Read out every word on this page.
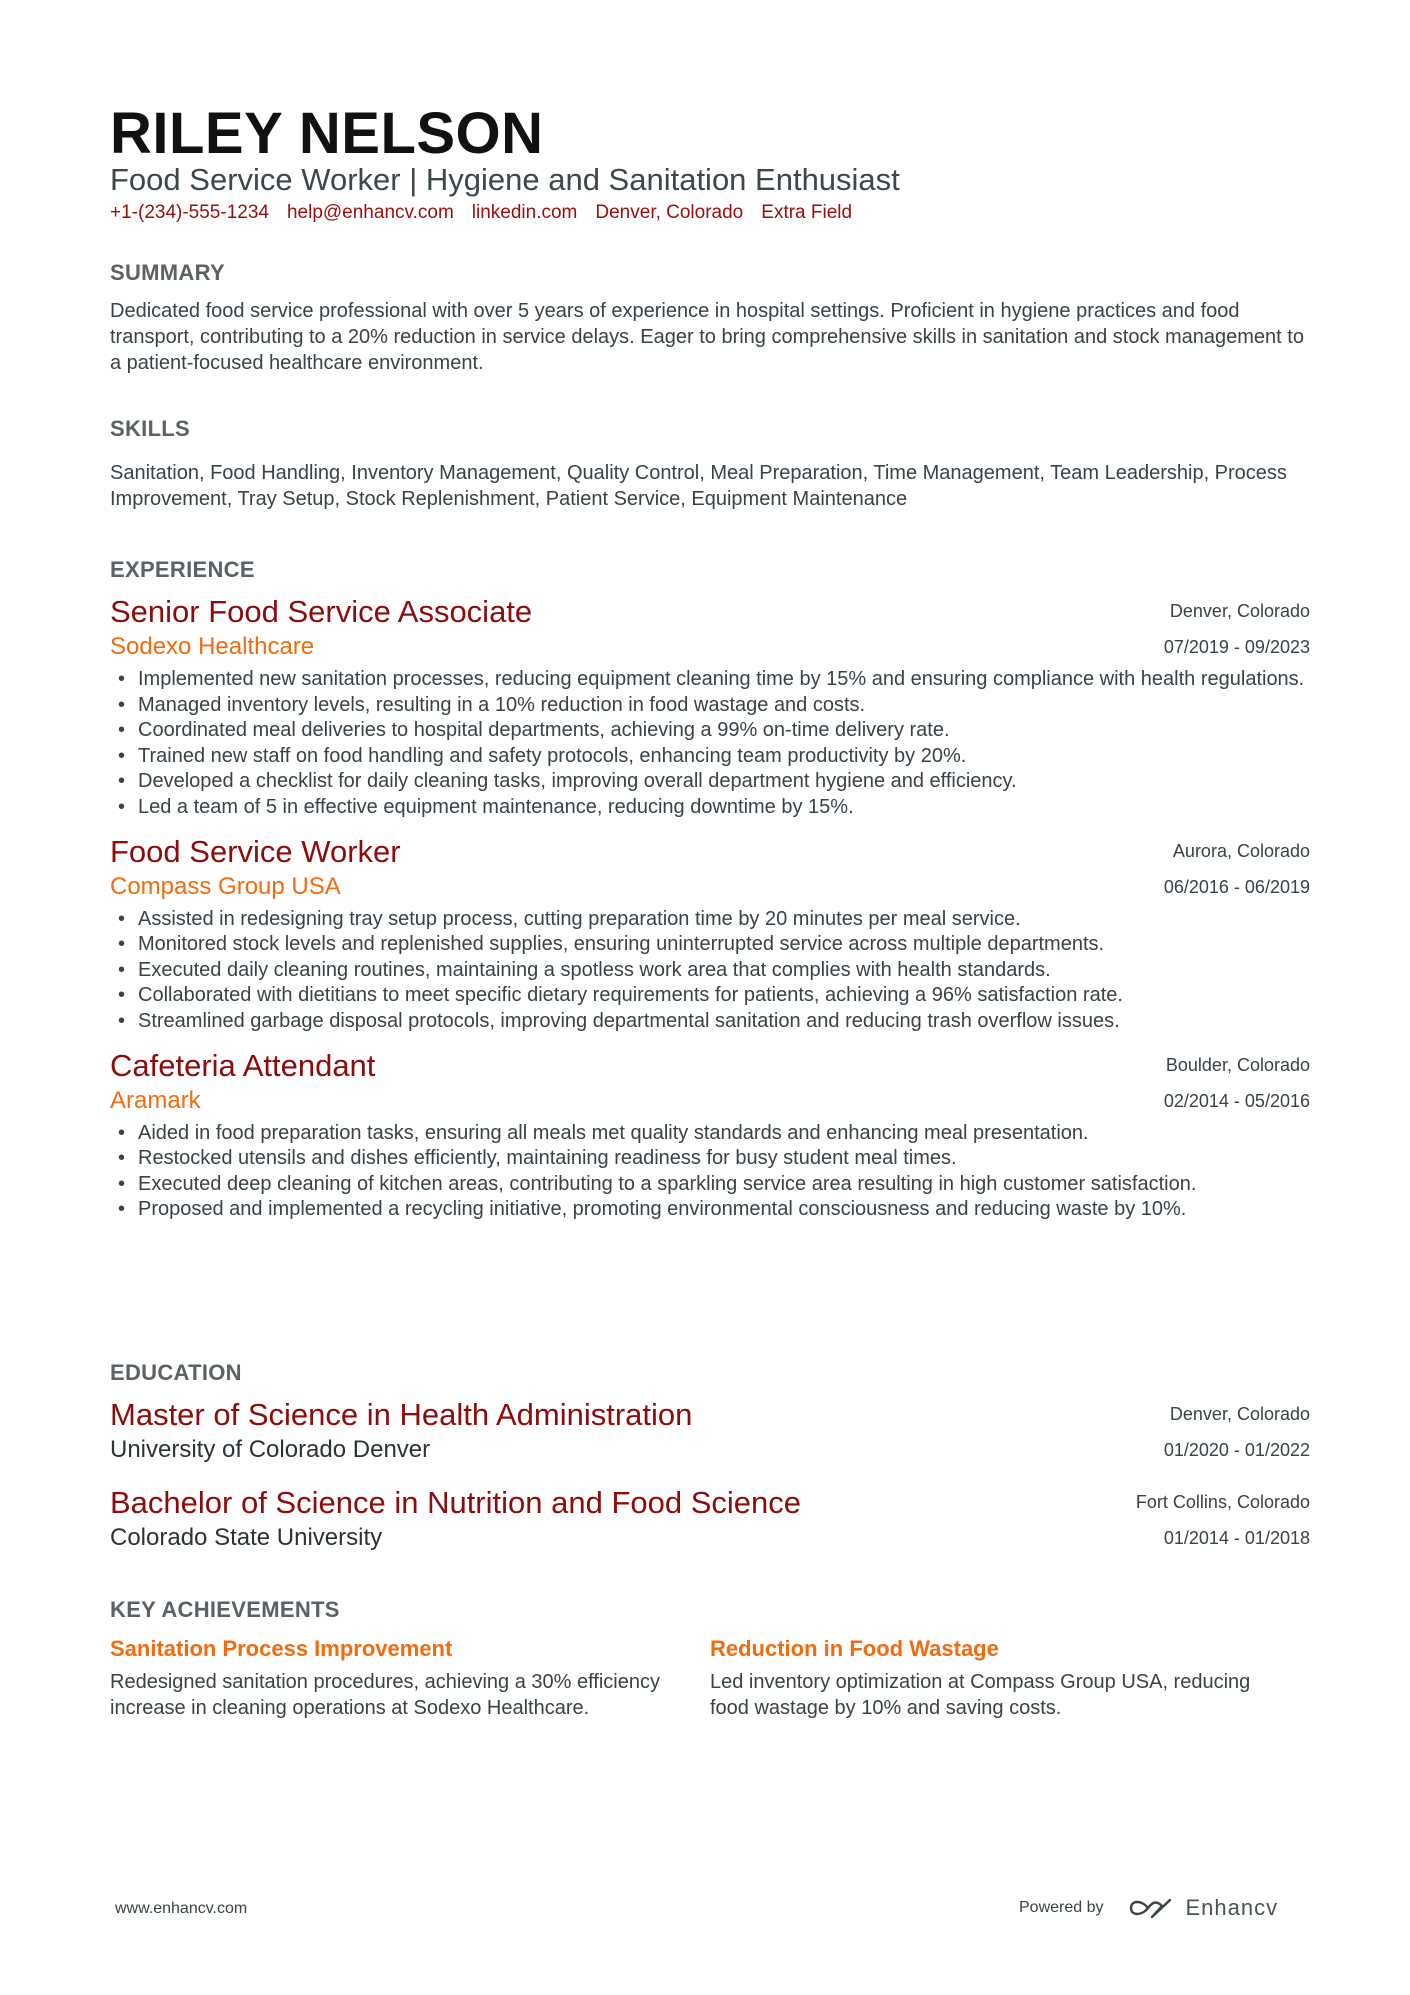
RILEY NELSON
Food Service Worker | Hygiene and Sanitation Enthusiast
+1-(234)-555-1234 help@enhancv.com linkedin.com Denver, Colorado Extra Field
SUMMARY
Dedicated food service professional with over 5 years of experience in hospital settings. Proficient in hygiene practices and food transport, contributing to a 20% reduction in service delays. Eager to bring comprehensive skills in sanitation and stock management to a patient-focused healthcare environment.
SKILLS
Sanitation, Food Handling, Inventory Management, Quality Control, Meal Preparation, Time Management, Team Leadership, Process Improvement, Tray Setup, Stock Replenishment, Patient Service, Equipment Maintenance
EXPERIENCE
Senior Food Service Associate
Sodexo Healthcare
Denver, Colorado
07/2019 - 09/2023
• Implemented new sanitation processes, reducing equipment cleaning time by 15% and ensuring compliance with health regulations.
• Managed inventory levels, resulting in a 10% reduction in food wastage and costs.
• Coordinated meal deliveries to hospital departments, achieving a 99% on-time delivery rate.
• Trained new staff on food handling and safety protocols, enhancing team productivity by 20%.
• Developed a checklist for daily cleaning tasks, improving overall department hygiene and efficiency.
• Led a team of 5 in effective equipment maintenance, reducing downtime by 15%.
Food Service Worker
Compass Group USA
Aurora, Colorado
06/2016 - 06/2019
• Assisted in redesigning tray setup process, cutting preparation time by 20 minutes per meal service.
• Monitored stock levels and replenished supplies, ensuring uninterrupted service across multiple departments.
• Executed daily cleaning routines, maintaining a spotless work area that complies with health standards.
• Collaborated with dietitians to meet specific dietary requirements for patients, achieving a 96% satisfaction rate.
• Streamlined garbage disposal protocols, improving departmental sanitation and reducing trash overflow issues.
Cafeteria Attendant
Aramark
Boulder, Colorado
02/2014 - 05/2016
• Aided in food preparation tasks, ensuring all meals met quality standards and enhancing meal presentation.
• Restocked utensils and dishes efficiently, maintaining readiness for busy student meal times.
• Executed deep cleaning of kitchen areas, contributing to a sparkling service area resulting in high customer satisfaction.
• Proposed and implemented a recycling initiative, promoting environmental consciousness and reducing waste by 10%.
EDUCATION
Master of Science in Health Administration
University of Colorado Denver
Denver, Colorado
01/2020 - 01/2022
Bachelor of Science in Nutrition and Food Science
Colorado State University
Fort Collins, Colorado
01/2014 - 01/2018
KEY ACHIEVEMENTS
Sanitation Process Improvement
Redesigned sanitation procedures, achieving a 30% efficiency increase in cleaning operations at Sodexo Healthcare.
Reduction in Food Wastage
Led inventory optimization at Compass Group USA, reducing food wastage by 10% and saving costs.
www.enhancv.com	Powered by	Enhancv
